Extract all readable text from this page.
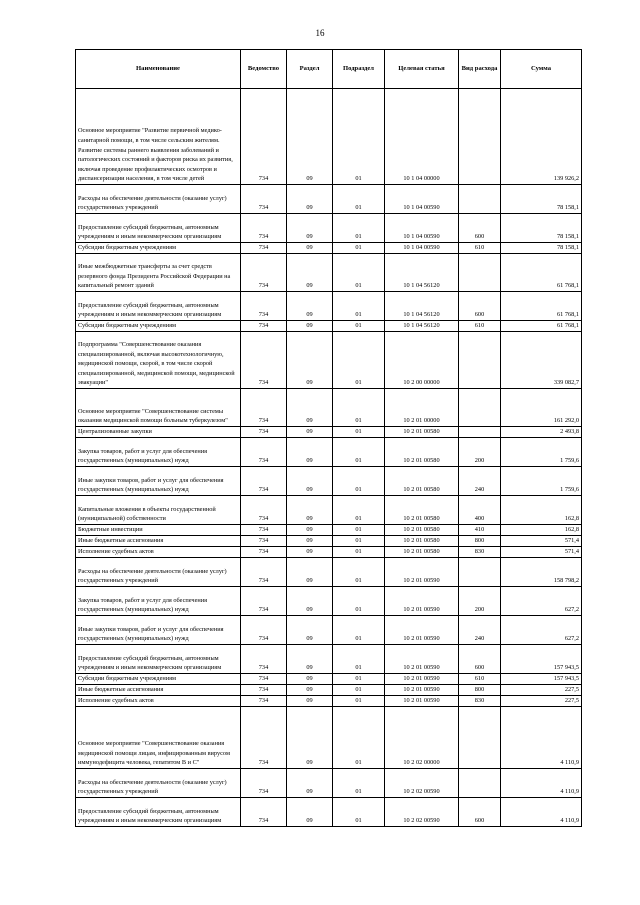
16
Наименование	Ведомство	Раздел	Подраздел	Целевая статья	Вид расхода	Сумма
Основное мероприятие "Развитие первичной медико-санитарной помощи, в том числе сельским жителям. Развитие системы раннего выявления заболеваний и патологических состояний и факторов риска их развития, включая проведение профилактических осмотров и диспансеризации населения, в том числе детей	734	09	01	10 1 04 00000		139 926,2
Расходы на обеспечение деятельности (оказание услуг) государственных учреждений	734	09	01	10 1 04 00590		78 158,1
Предоставление субсидий бюджетным, автономным учреждениям и иным некоммерческим организациям	734	09	01	10 1 04 00590	600	78 158,1
Субсидии бюджетным учреждениям	734	09	01	10 1 04 00590	610	78 158,1
Иные межбюджетные трансферты за счет средств резервного фонда Президента Российской Федерации на капитальный ремонт зданий	734	09	01	10 1 04 56120		61 768,1
Предоставление субсидий бюджетным, автономным учреждениям и иным некоммерческим организациям	734	09	01	10 1 04 56120	600	61 768,1
Субсидии бюджетным учреждениям	734	09	01	10 1 04 56120	610	61 768,1
Подпрограмма "Совершенствование оказания специализированной, включая высокотехнологичную, медицинской помощи, скорой, в том числе скорой специализированной, медицинской помощи, медицинской эвакуации"	734	09	01	10 2 00 00000		339 082,7
Основное мероприятие "Совершенствование системы оказания медицинской помощи больным туберкулезом"	734	09	01	10 2 01 00000		161 292,0
Централизованные закупки	734	09	01	10 2 01 00580		2 493,8
Закупка товаров, работ и услуг для обеспечения государственных (муниципальных) нужд	734	09	01	10 2 01 00580	200	1 759,6
Иные закупки товаров, работ и услуг для обеспечения государственных (муниципальных) нужд	734	09	01	10 2 01 00580	240	1 759,6
Капитальные вложения в объекты государственной (муниципальной) собственности	734	09	01	10 2 01 00580	400	162,8
Бюджетные инвестиции	734	09	01	10 2 01 00580	410	162,8
Иные бюджетные ассигнования	734	09	01	10 2 01 00580	800	571,4
Исполнение судебных актов	734	09	01	10 2 01 00580	830	571,4
Расходы на обеспечение деятельности (оказание услуг) государственных учреждений	734	09	01	10 2 01 00590		158 798,2
Закупка товаров, работ и услуг для обеспечения государственных (муниципальных) нужд	734	09	01	10 2 01 00590	200	627,2
Иные закупки товаров, работ и услуг для обеспечения государственных (муниципальных) нужд	734	09	01	10 2 01 00590	240	627,2
Предоставление субсидий бюджетным, автономным учреждениям и иным некоммерческим организациям	734	09	01	10 2 01 00590	600	157 943,5
Субсидии бюджетным учреждениям	734	09	01	10 2 01 00590	610	157 943,5
Иные бюджетные ассигнования	734	09	01	10 2 01 00590	800	227,5
Исполнение судебных актов	734	09	01	10 2 01 00590	830	227,5
Основное мероприятие "Совершенствование оказания медицинской помощи лицам, инфицированным вирусом иммунодефицита человека, гепатитом В и С"	734	09	01	10 2 02 00000		4 110,9
Расходы на обеспечение деятельности (оказание услуг) государственных учреждений	734	09	01	10 2 02 00590		4 110,9
Предоставление субсидий бюджетным, автономным учреждениям и иным некоммерческим организациям	734	09	01	10 2 02 00590	600	4 110,9
